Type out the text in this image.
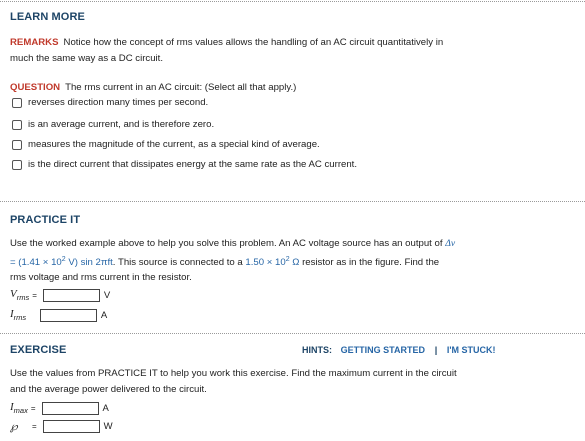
LEARN MORE
REMARKS Notice how the concept of rms values allows the handling of an AC circuit quantitatively in
much the same way as a DC circuit.
QUESTION The rms current in an AC circuit: (Select all that apply.)
reverses direction many times per second.
is an average current, and is therefore zero.
measures the magnitude of the current, as a special kind of average.
is the direct current that dissipates energy at the same rate as the AC current.
PRACTICE IT
Use the worked example above to help you solve this problem. An AC voltage source has an output of Δv
= ($1.41 \times 10^2$ V) sin 2πft. This source is connected to a $1.50 \times 10^2$ Ω resistor as in the figure. Find the
rms voltage and rms current in the resistor.
$V_{rms}$ =	V
$I_{rms}$	A
EXERCISE	HINTS: GETTING STARTED | I'M STUCK!
Use the values from PRACTICE IT to help you work this exercise. Find the maximum current in the circuit
and the average power delivered to the circuit.
$I_{max}$ =	A
℘	=	W
